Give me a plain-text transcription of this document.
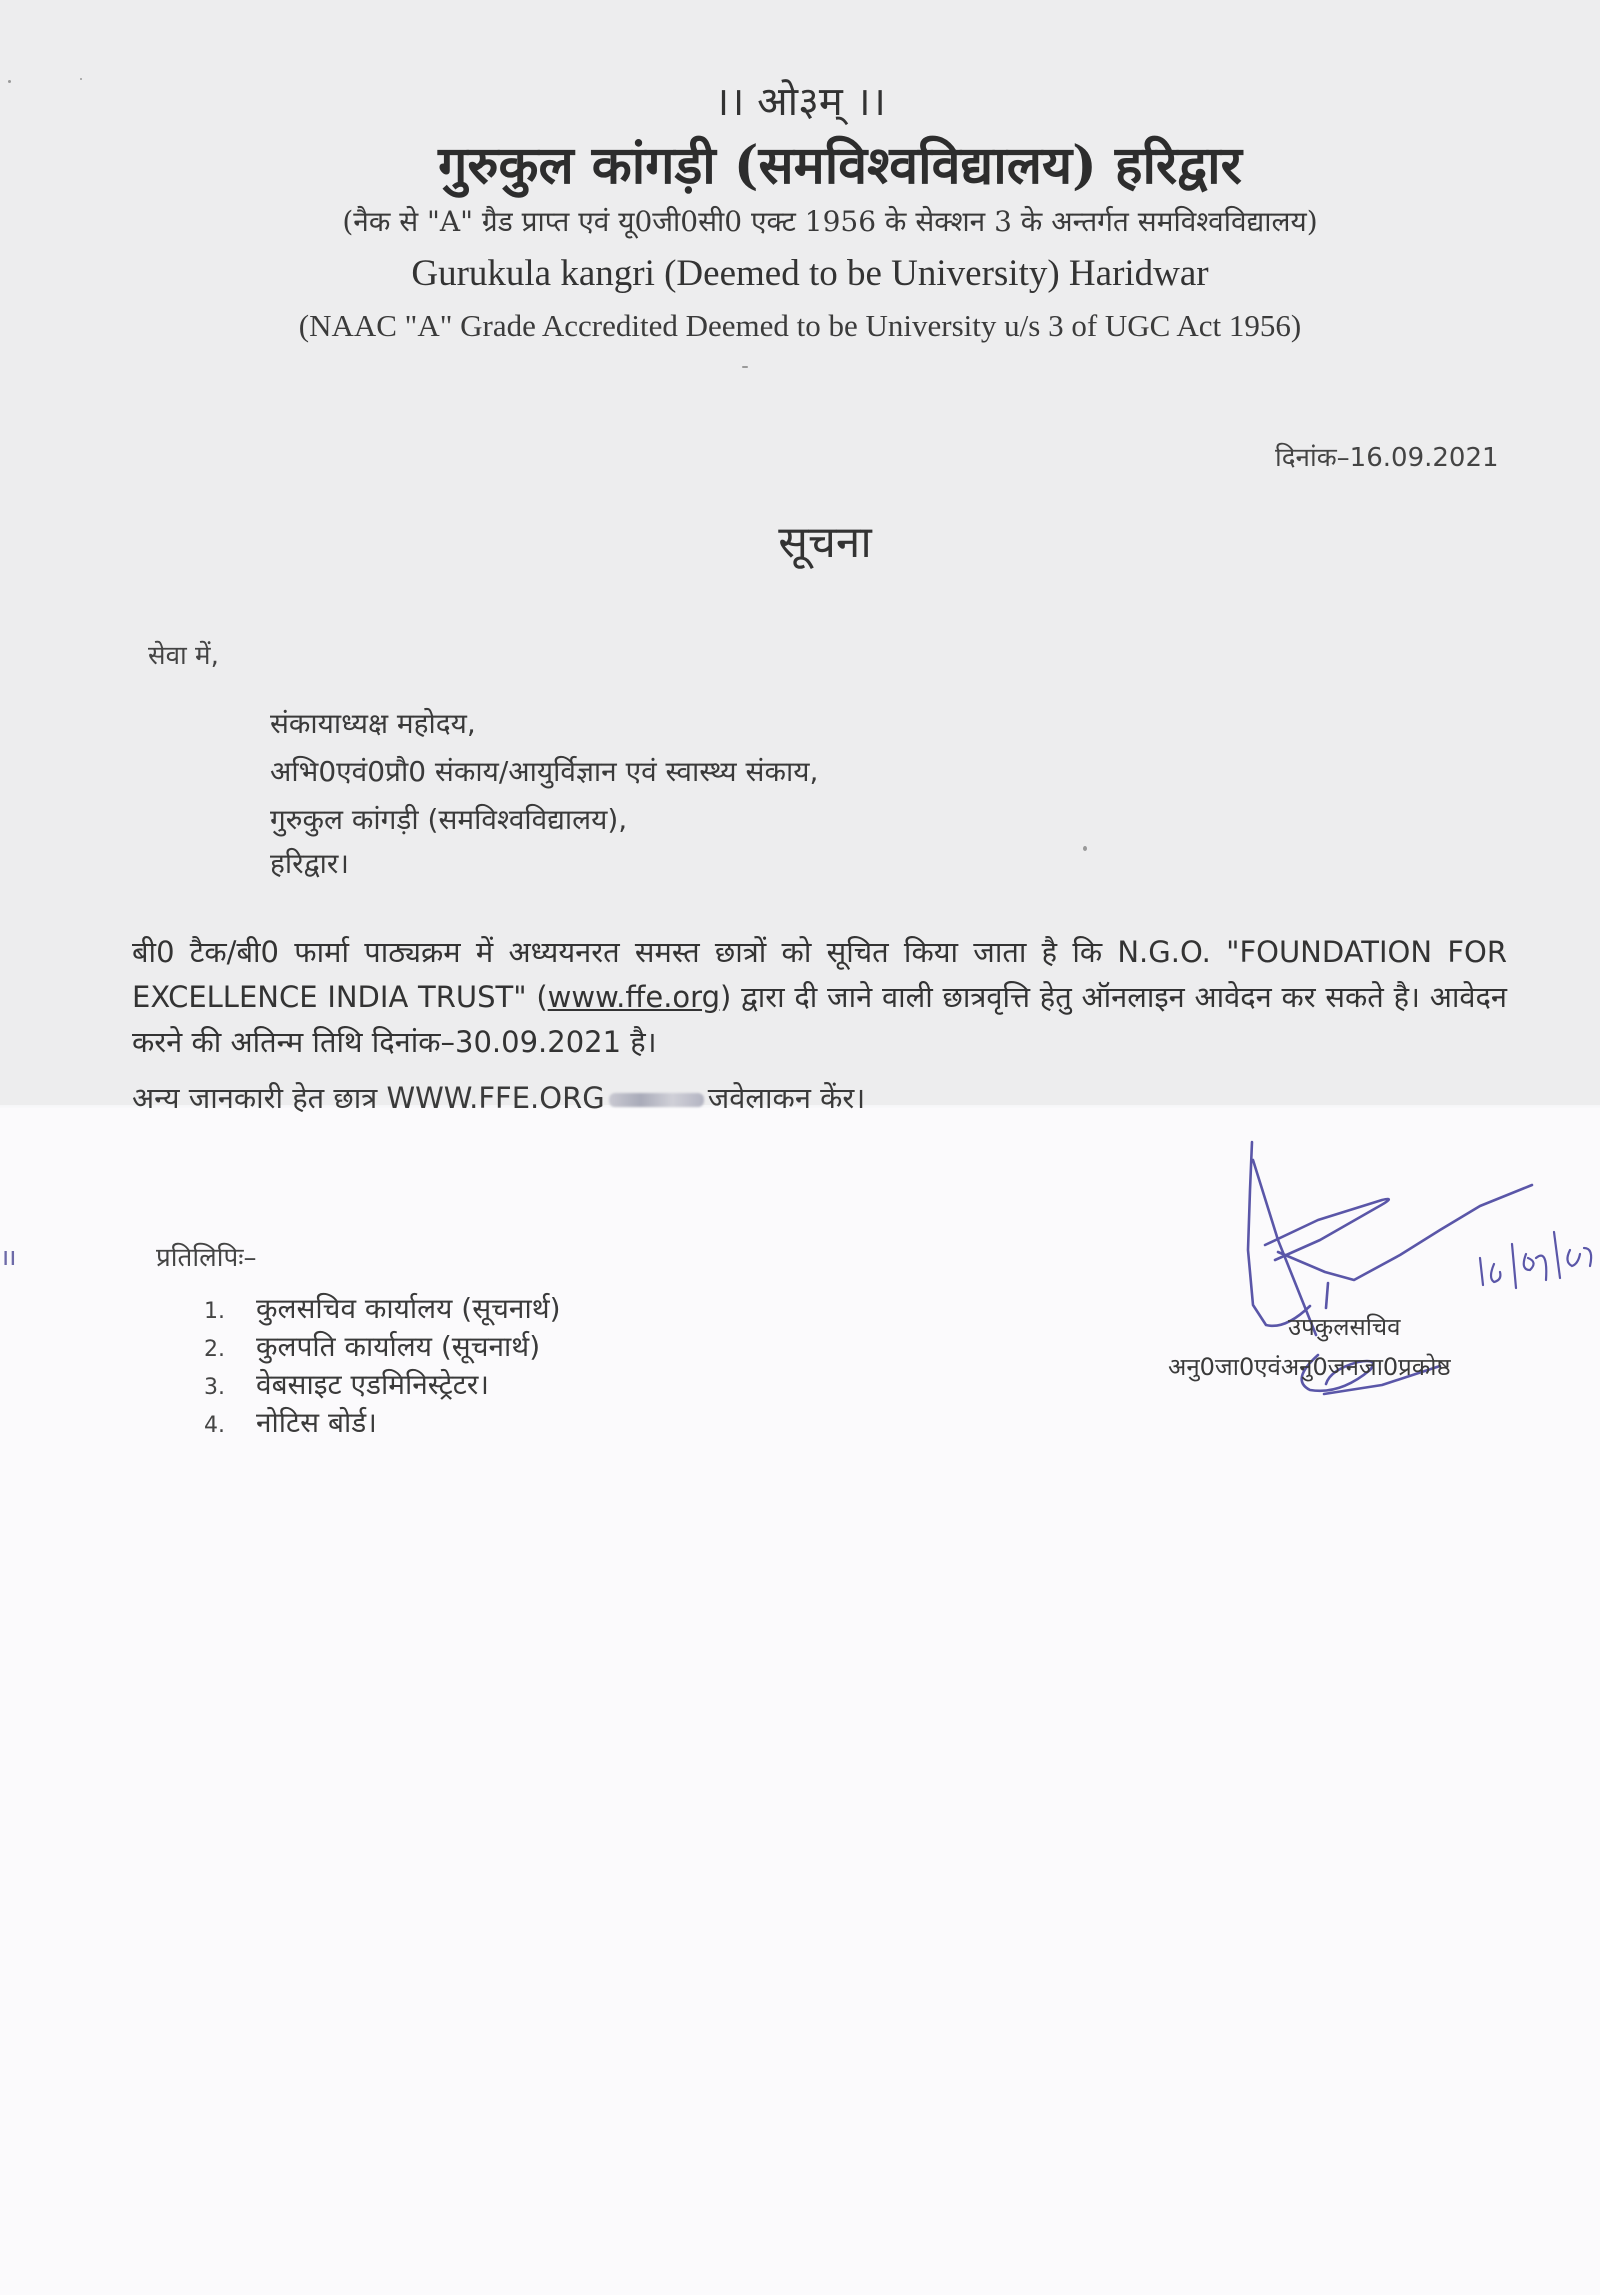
।। ओ३म् ।।
गुरुकुल कांगड़ी (समविश्वविद्यालय) हरिद्वार
(नैक से "A" ग्रैड प्राप्त एवं यू0जी0सी0 एक्ट 1956 के सेक्शन 3 के अन्तर्गत समविश्वविद्यालय)
Gurukula kangri (Deemed to be University) Haridwar
(NAAC "A" Grade Accredited Deemed to be University u/s 3 of UGC Act 1956)
दिनांक–16.09.2021
सूचना
सेवा में,
संकायाध्यक्ष महोदय,
अभि0एवं0प्रौ0 संकाय/आयुर्विज्ञान एवं स्वास्थ्य संकाय,
गुरुकुल कांगड़ी (समविश्वविद्यालय),
हरिद्वार।
बी0 टैक/बी0 फार्मा पाठ्यक्रम में अध्ययनरत समस्त छात्रों को सूचित किया जाता है कि N.G.O. "FOUNDATION FOR EXCELLENCE INDIA TRUST" (www.ffe.org) द्वारा दी जाने वाली छात्रवृत्ति हेतु ऑनलाइन आवेदन कर सकते है। आवेदन करने की अतिन्म तिथि दिनांक–30.09.2021 है।
अन्य जानकारी हेत छात्र WWW.FFE.ORG	जवेलाकन केंर।
उपकुलसचिव
अनु0जा0एवंअनु0जनजा0प्रकोष्ठ
प्रतिलिपिः–
1. कुलसचिव कार्यालय (सूचनार्थ)
2. कुलपति कार्यालय (सूचनार्थ)
3. वेबसाइट एडमिनिस्ट्रेटर।
4. नोटिस बोर्ड।
ıı
